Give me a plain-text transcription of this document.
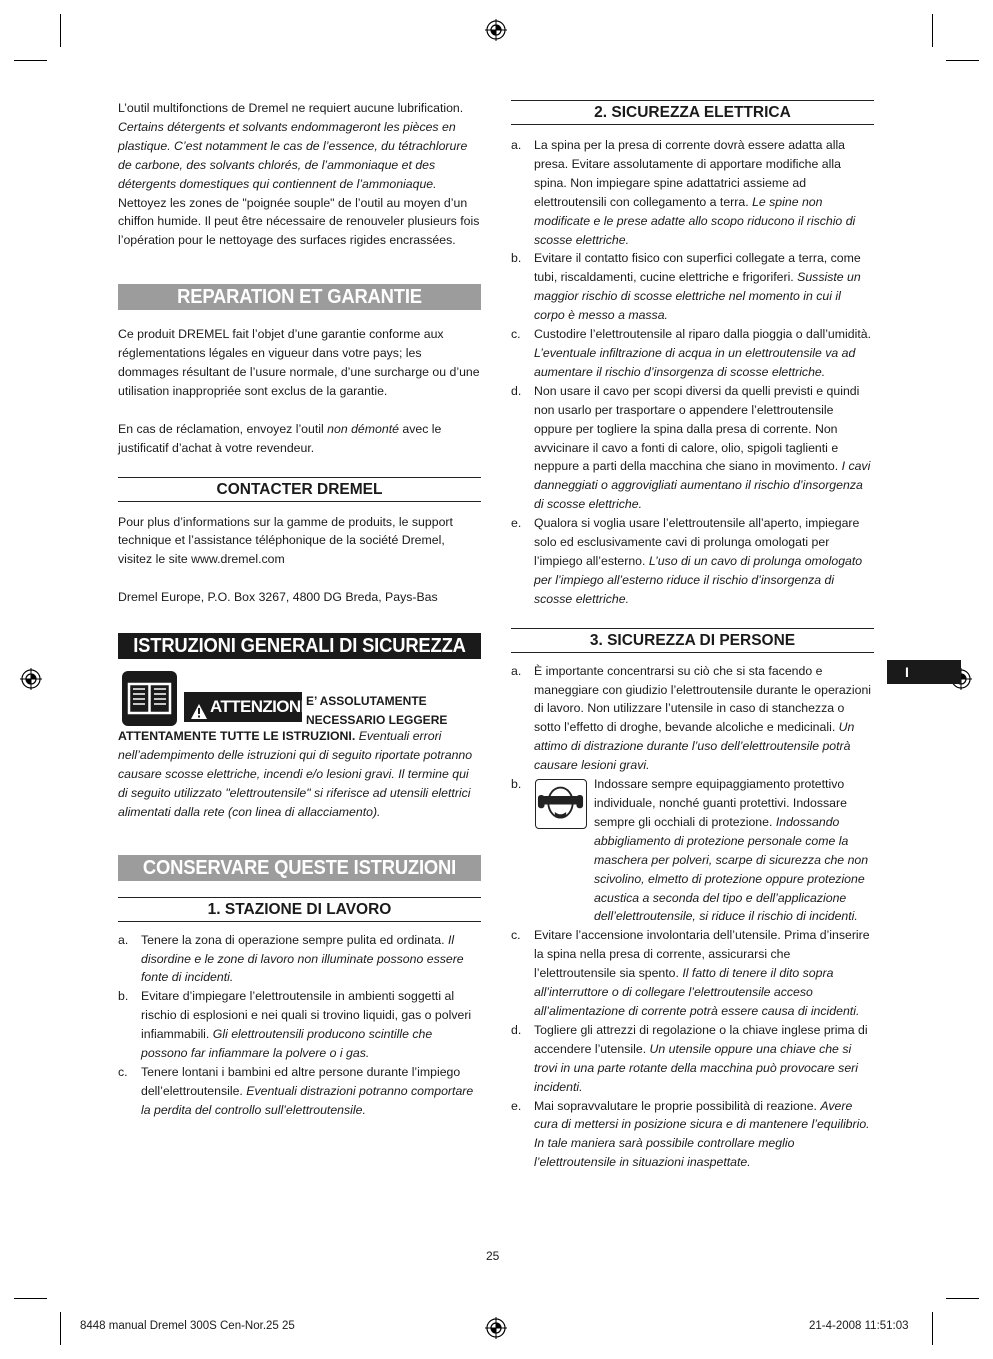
L’outil multifonctions de Dremel ne requiert aucune lubrification. Certains détergents et solvants endommageront les pièces en plastique. C’est notamment le cas de l’essence, du tétrachlorure de carbone, des solvants chlorés, de l’ammoniaque et des détergents domestiques qui contiennent de l’ammoniaque. Nettoyez les zones de "poignée souple" de l’outil au moyen d’un chiffon humide. Il peut être nécessaire de renouveler plusieurs fois l’opération pour le nettoyage des surfaces rigides encrassées.

REPARATION ET GARANTIE

Ce produit DREMEL fait l’objet d’une garantie conforme aux réglementations légales en vigueur dans votre pays; les dommages résultant de l’usure normale, d’une surcharge ou d’une utilisation inappropriée sont exclus de la garantie.

En cas de réclamation, envoyez l’outil non démonté avec le justificatif d’achat à votre revendeur.

CONTACTER DREMEL

Pour plus d’informations sur la gamme de produits, le support technique et l’assistance téléphonique de la société Dremel, visitez le site www.dremel.com

Dremel Europe, P.O. Box 3267, 4800 DG Breda, Pays-Bas

ISTRUZIONI GENERALI DI SICUREZZA
ATTENZIONE
E’ ASSOLUTAMENTE
NECESSARIO LEGGERE

ATTENTAMENTE TUTTE LE ISTRUZIONI. Eventuali errori nell’adempimento delle istruzioni qui di seguito riportate potranno causare scosse elettriche, incendi e/o lesioni gravi. Il termine qui di seguito utilizzato "elettroutensile" si riferisce ad utensili elettrici alimentati dalla rete (con linea di allacciamento).

CONSERVARE QUESTE ISTRUZIONI
1. STAZIONE DI LAVORO
a. Tenere la zona di operazione sempre pulita ed ordinata. Il disordine e le zone di lavoro non illuminate possono essere fonte di incidenti.
b. Evitare d’impiegare l’elettroutensile in ambienti soggetti al rischio di esplosioni e nei quali si trovino liquidi, gas o polveri infiammabili. Gli elettroutensili producono scintille che possono far infiammare la polvere o i gas.
c. Tenere lontani i bambini ed altre persone durante l’impiego dell’elettroutensile. Eventuali distrazioni potranno comportare la perdita del controllo sull’elettroutensile.
2. SICUREZZA ELETTRICA
a. La spina per la presa di corrente dovrà essere adatta alla presa. Evitare assolutamente di apportare modifiche alla spina. Non impiegare spine adattatrici assieme ad elettroutensili con collegamento a terra. Le spine non modificate e le prese adatte allo scopo riducono il rischio di scosse elettriche.
b. Evitare il contatto fisico con superfici collegate a terra, come tubi, riscaldamenti, cucine elettriche e frigoriferi. Sussiste un maggior rischio di scosse elettriche nel momento in cui il corpo è messo a massa.
c. Custodire l’elettroutensile al riparo dalla pioggia o dall’umidità. L’eventuale infiltrazione di acqua in un elettroutensile va ad aumentare il rischio d’insorgenza di scosse elettriche.
d. Non usare il cavo per scopi diversi da quelli previsti e quindi non usarlo per trasportare o appendere l’elettroutensile oppure per togliere la spina dalla presa di corrente. Non avvicinare il cavo a fonti di calore, olio, spigoli taglienti e neppure a parti della macchina che siano in movimento. I cavi danneggiati o aggrovigliati aumentano il rischio d’insorgenza di scosse elettriche.
e. Qualora si voglia usare l’elettroutensile all’aperto, impiegare solo ed esclusivamente cavi di prolunga omologati per l’impiego all’esterno. L’uso di un cavo di prolunga omologato per l’impiego all’esterno riduce il rischio d’insorgenza di scosse elettriche.
3. SICUREZZA DI PERSONE
a. È importante concentrarsi su ciò che si sta facendo e maneggiare con giudizio l’elettroutensile durante le operazioni di lavoro. Non utilizzare l’utensile in caso di stanchezza o sotto l’effetto di droghe, bevande alcoliche e medicinali. Un attimo di distrazione durante l’uso dell’elettroutensile potrà causare lesioni gravi.
b.	Indossare sempre equipaggiamento protettivo individuale, nonché guanti protettivi. Indossare sempre gli occhiali di protezione. Indossando abbigliamento di protezione personale come la maschera per polveri, scarpe di sicurezza che non scivolino, elmetto di protezione oppure protezione acustica a seconda del tipo e dell’applicazione dell’elettroutensile, si riduce il rischio di incidenti.
c. Evitare l’accensione involontaria dell’utensile. Prima d’inserire la spina nella presa di corrente, assicurarsi che l’elettroutensile sia spento. Il fatto di tenere il dito sopra all’interruttore o di collegare l’elettroutensile acceso all’alimentazione di corrente potrà essere causa di incidenti.
d. Togliere gli attrezzi di regolazione o la chiave inglese prima di accendere l’utensile. Un utensile oppure una chiave che si trovi in una parte rotante della macchina può provocare seri incidenti.
e. Mai sopravvalutare le proprie possibilità di reazione. Avere cura di mettersi in posizione sicura e di mantenere l’equilibrio. In tale maniera sarà possibile controllare meglio l’elettroutensile in situazioni inaspettate.
I
25
8448 manual Dremel 300S Cen-Nor.25 25	21-4-2008 11:51:03
